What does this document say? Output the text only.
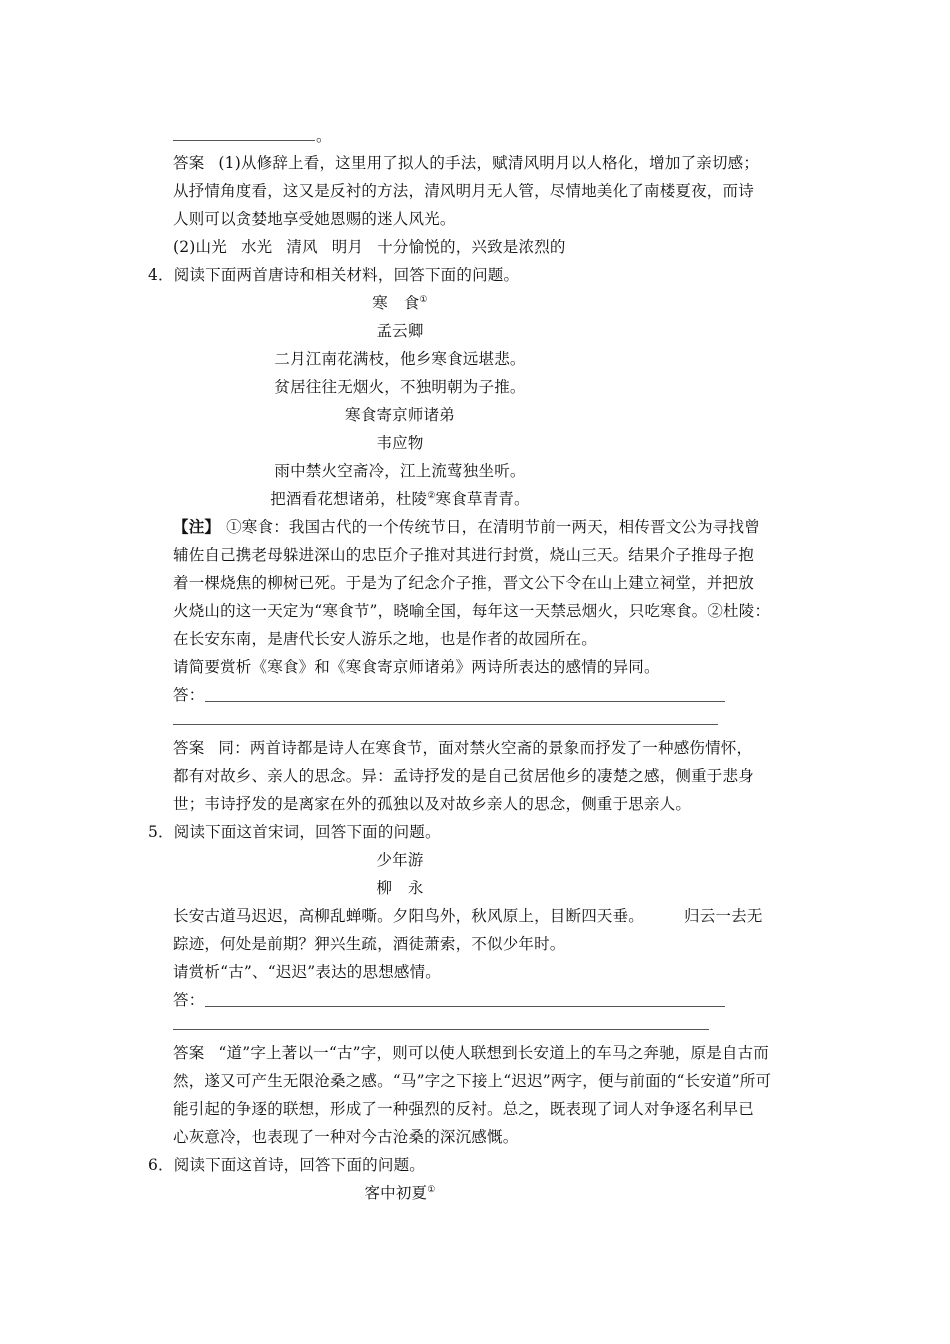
。
答案 (1)从修辞上看，这里用了拟人的手法，赋清风明月以人格化，增加了亲切感；
从抒情角度看，这又是反衬的方法，清风明月无人管，尽情地美化了南楼夏夜，而诗
人则可以贪婪地享受她恩赐的迷人风光。
(2)山光 水光 清风 明月 十分愉悦的，兴致是浓烈的
4．阅读下面两首唐诗和相关材料，回答下面的问题。
寒　食①
孟云卿
二月江南花满枝，他乡寒食远堪悲。
贫居往往无烟火，不独明朝为子推。
寒食寄京师诸弟
韦应物
雨中禁火空斋冷，江上流莺独坐听。
把酒看花想诸弟，杜陵②寒食草青青。
【注】 ①寒食：我国古代的一个传统节日，在清明节前一两天，相传晋文公为寻找曾
辅佐自己携老母躲进深山的忠臣介子推对其进行封赏，烧山三天。结果介子推母子抱
着一棵烧焦的柳树已死。于是为了纪念介子推，晋文公下令在山上建立祠堂，并把放
火烧山的这一天定为“寒食节”，晓喻全国，每年这一天禁忌烟火，只吃寒食。②杜陵：
在长安东南，是唐代长安人游乐之地，也是作者的故园所在。
请简要赏析《寒食》和《寒食寄京师诸弟》两诗所表达的感情的异同。
答：
答案 同：两首诗都是诗人在寒食节，面对禁火空斋的景象而抒发了一种感伤情怀，
都有对故乡、亲人的思念。异：孟诗抒发的是自己贫居他乡的凄楚之感，侧重于悲身
世；韦诗抒发的是离家在外的孤独以及对故乡亲人的思念，侧重于思亲人。
5．阅读下面这首宋词，回答下面的问题。
少年游
柳　永
长安古道马迟迟，高柳乱蝉嘶。夕阳鸟外，秋风原上，目断四天垂。	归云一去无
踪迹，何处是前期？狎兴生疏，酒徒萧索，不似少年时。
请赏析“古”、“迟迟”表达的思想感情。
答：
答案 “道”字上著以一“古”字，则可以使人联想到长安道上的车马之奔驰，原是自古而
然，遂又可产生无限沧桑之感。“马”字之下接上“迟迟”两字，便与前面的“长安道”所可
能引起的争逐的联想，形成了一种强烈的反衬。总之，既表现了词人对争逐名利早已
心灰意冷，也表现了一种对今古沧桑的深沉感慨。
6．阅读下面这首诗，回答下面的问题。
客中初夏①
